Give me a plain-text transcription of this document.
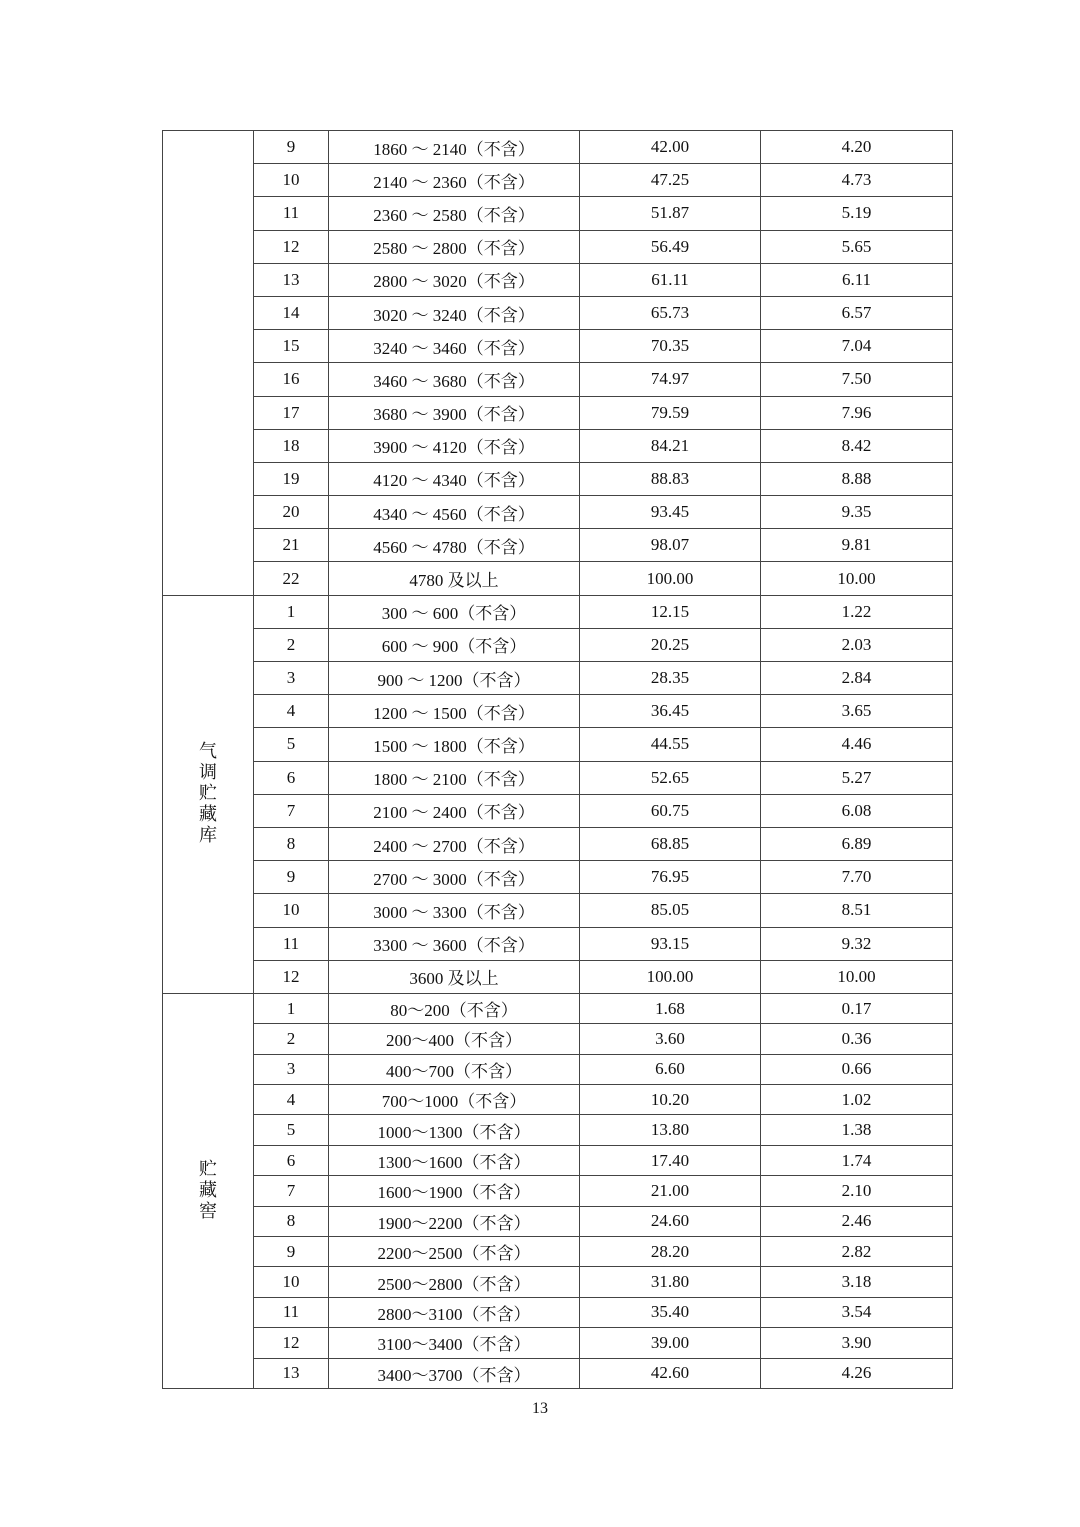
	9	1860 ～ 2140（不含）	42.00	4.20
	10	2140 ～ 2360（不含）	47.25	4.73
	11	2360 ～ 2580（不含）	51.87	5.19
	12	2580 ～ 2800（不含）	56.49	5.65
	13	2800 ～ 3020（不含）	61.11	6.11
	14	3020 ～ 3240（不含）	65.73	6.57
	15	3240 ～ 3460（不含）	70.35	7.04
	16	3460 ～ 3680（不含）	74.97	7.50
	17	3680 ～ 3900（不含）	79.59	7.96
	18	3900 ～ 4120（不含）	84.21	8.42
	19	4120 ～ 4340（不含）	88.83	8.88
	20	4340 ～ 4560（不含）	93.45	9.35
	21	4560 ～ 4780（不含）	98.07	9.81
	22	4780 及以上	100.00	10.00
气调贮藏库	1	300 ～ 600（不含）	12.15	1.22
	2	600 ～ 900（不含）	20.25	2.03
	3	900 ～ 1200（不含）	28.35	2.84
	4	1200 ～ 1500（不含）	36.45	3.65
	5	1500 ～ 1800（不含）	44.55	4.46
	6	1800 ～ 2100（不含）	52.65	5.27
	7	2100 ～ 2400（不含）	60.75	6.08
	8	2400 ～ 2700（不含）	68.85	6.89
	9	2700 ～ 3000（不含）	76.95	7.70
	10	3000 ～ 3300（不含）	85.05	8.51
	11	3300 ～ 3600（不含）	93.15	9.32
	12	3600 及以上	100.00	10.00
贮藏窖	1	80～200（不含）	1.68	0.17
	2	200～400（不含）	3.60	0.36
	3	400～700（不含）	6.60	0.66
	4	700～1000（不含）	10.20	1.02
	5	1000～1300（不含）	13.80	1.38
	6	1300～1600（不含）	17.40	1.74
	7	1600～1900（不含）	21.00	2.10
	8	1900～2200（不含）	24.60	2.46
	9	2200～2500（不含）	28.20	2.82
	10	2500～2800（不含）	31.80	3.18
	11	2800～3100（不含）	35.40	3.54
	12	3100～3400（不含）	39.00	3.90
	13	3400～3700（不含）	42.60	4.26
13
